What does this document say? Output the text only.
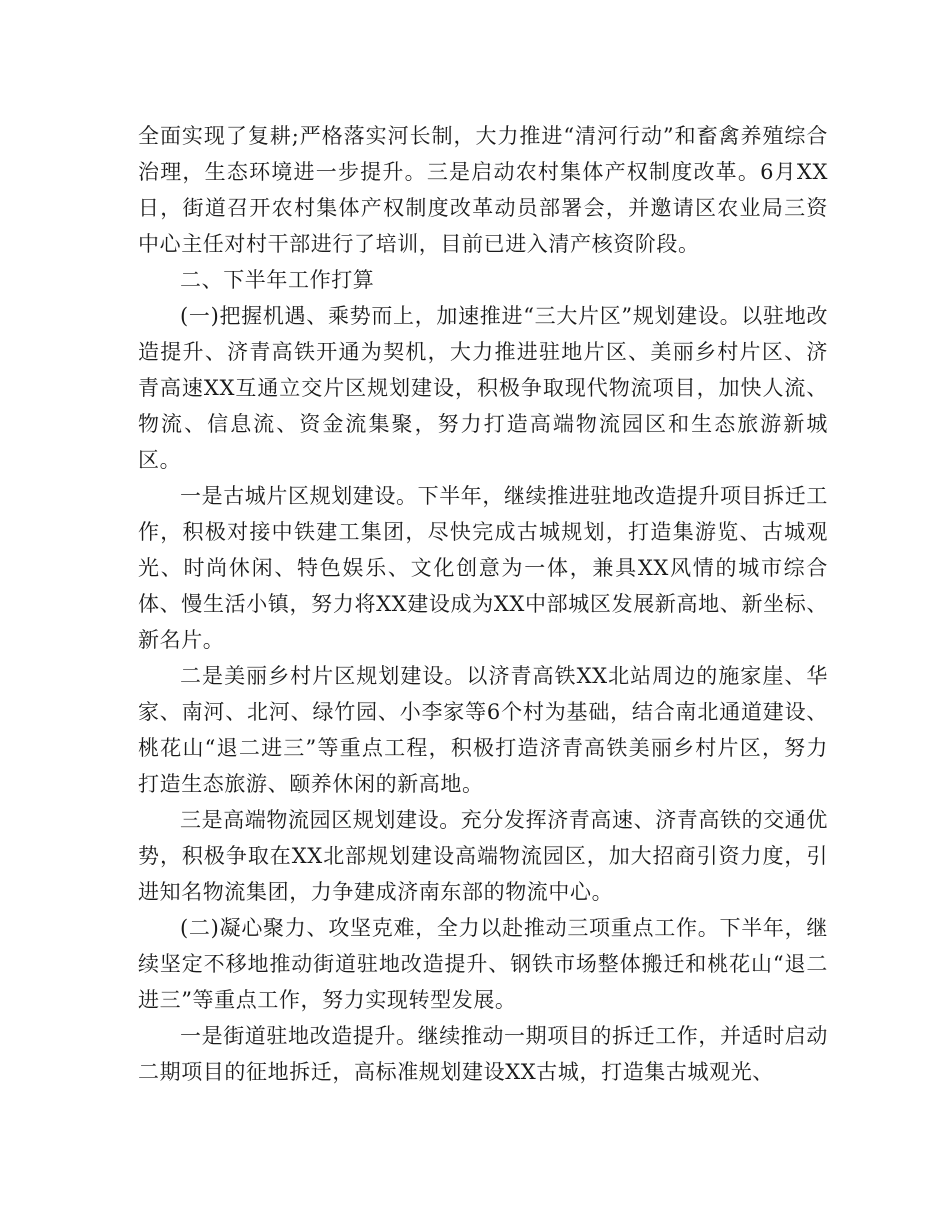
全面实现了复耕;严格落实河长制，大力推进“清河行动”和畜禽养殖综合治理，生态环境进一步提升。三是启动农村集体产权制度改革。6月XX日，街道召开农村集体产权制度改革动员部署会，并邀请区农业局三资中心主任对村干部进行了培训，目前已进入清产核资阶段。

二、下半年工作打算

(一)把握机遇、乘势而上，加速推进“三大片区”规划建设。以驻地改造提升、济青高铁开通为契机，大力推进驻地片区、美丽乡村片区、济青高速XX互通立交片区规划建设，积极争取现代物流项目，加快人流、物流、信息流、资金流集聚，努力打造高端物流园区和生态旅游新城区。

一是古城片区规划建设。下半年，继续推进驻地改造提升项目拆迁工作，积极对接中铁建工集团，尽快完成古城规划，打造集游览、古城观光、时尚休闲、特色娱乐、文化创意为一体，兼具XX风情的城市综合体、慢生活小镇，努力将XX建设成为XX中部城区发展新高地、新坐标、新名片。

二是美丽乡村片区规划建设。以济青高铁XX北站周边的施家崖、华家、南河、北河、绿竹园、小李家等6个村为基础，结合南北通道建设、桃花山“退二进三”等重点工程，积极打造济青高铁美丽乡村片区，努力打造生态旅游、颐养休闲的新高地。

三是高端物流园区规划建设。充分发挥济青高速、济青高铁的交通优势，积极争取在XX北部规划建设高端物流园区，加大招商引资力度，引进知名物流集团，力争建成济南东部的物流中心。

(二)凝心聚力、攻坚克难，全力以赴推动三项重点工作。下半年，继续坚定不移地推动街道驻地改造提升、钢铁市场整体搬迁和桃花山“退二进三”等重点工作，努力实现转型发展。

一是街道驻地改造提升。继续推动一期项目的拆迁工作，并适时启动二期项目的征地拆迁，高标准规划建设XX古城，打造集古城观光、
